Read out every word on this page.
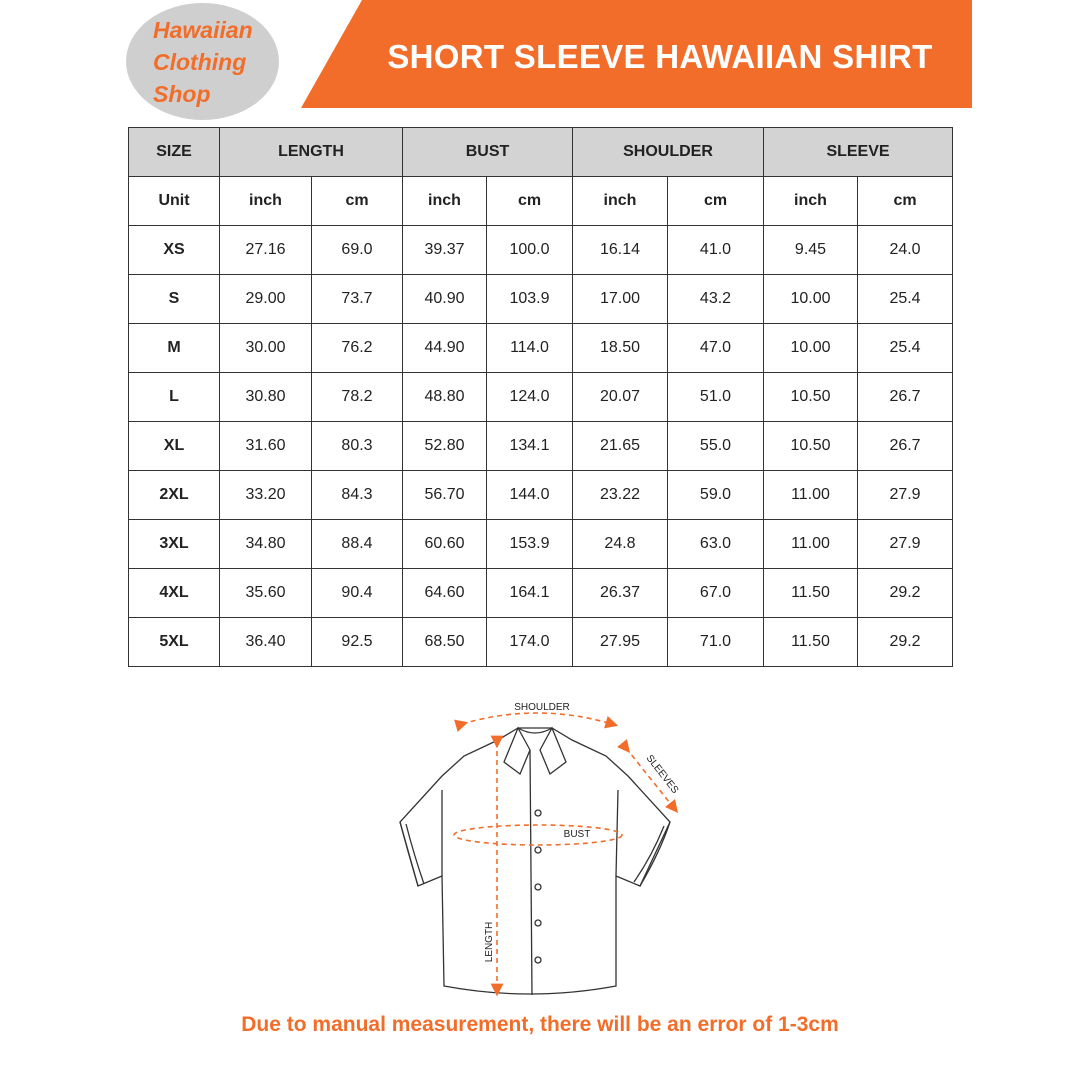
Hawaiian
Clothing
Shop
SHORT SLEEVE HAWAIIAN SHIRT
SIZE	LENGTH		BUST		SHOULDER		SLEEVE	
Unit	inch	cm	inch	cm	inch	cm	inch	cm
XS	27.16	69.0	39.37	100.0	16.14	41.0	9.45	24.0
S	29.00	73.7	40.90	103.9	17.00	43.2	10.00	25.4
M	30.00	76.2	44.90	114.0	18.50	47.0	10.00	25.4
L	30.80	78.2	48.80	124.0	20.07	51.0	10.50	26.7
XL	31.60	80.3	52.80	134.1	21.65	55.0	10.50	26.7
2XL	33.20	84.3	56.70	144.0	23.22	59.0	11.00	27.9
3XL	34.80	88.4	60.60	153.9	24.8	63.0	11.00	27.9
4XL	35.60	90.4	64.60	164.1	26.37	67.0	11.50	29.2
5XL	36.40	92.5	68.50	174.0	27.95	71.0	11.50	29.2
SHOULDER
SLEEVES
BUST
LENGTH
Due to manual measurement, there will be an error of 1-3cm
